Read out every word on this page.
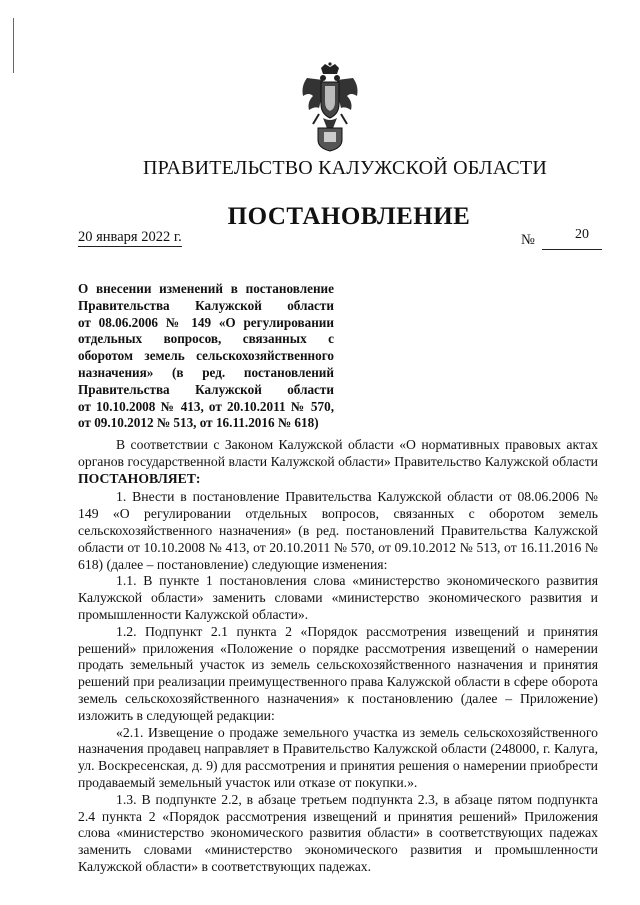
ПРАВИТЕЛЬСТВО КАЛУЖСКОЙ ОБЛАСТИ
ПОСТАНОВЛЕНИЕ
20 января 2022 г.	№	20
О внесении изменений в постановление
Правительства Калужской области
от 08.06.2006 № 149 «О регулировании
отдельных вопросов, связанных с
оборотом земель сельскохозяйственного
назначения» (в ред. постановлений
Правительства Калужской области
от 10.10.2008 № 413, от 20.10.2011 № 570,
от 09.10.2012 № 513, от 16.11.2016 № 618)

В соответствии с Законом Калужской области «О нормативных правовых актах органов государственной власти Калужской области» Правительство Калужской области ПОСТАНОВЛЯЕТ:

1. Внести в постановление Правительства Калужской области от 08.06.2006 № 149 «О регулировании отдельных вопросов, связанных с оборотом земель сельскохозяйственного назначения» (в ред. постановлений Правительства Калужской области от 10.10.2008 № 413, от 20.10.2011 № 570, от 09.10.2012 № 513, от 16.11.2016 № 618) (далее – постановление) следующие изменения:

1.1. В пункте 1 постановления слова «министерство экономического развития Калужской области» заменить словами «министерство экономического развития и промышленности Калужской области».

1.2. Подпункт 2.1 пункта 2 «Порядок рассмотрения извещений и принятия решений» приложения «Положение о порядке рассмотрения извещений о намерении продать земельный участок из земель сельскохозяйственного назначения и принятия решений при реализации преимущественного права Калужской области в сфере оборота земель сельскохозяйственного назначения» к постановлению (далее – Приложение) изложить в следующей редакции:

«2.1. Извещение о продаже земельного участка из земель сельскохозяйственного назначения продавец направляет в Правительство Калужской области (248000, г. Калуга, ул. Воскресенская, д. 9) для рассмотрения и принятия решения о намерении приобрести продаваемый земельный участок или отказе от покупки.».

1.3. В подпункте 2.2, в абзаце третьем подпункта 2.3, в абзаце пятом подпункта 2.4 пункта 2 «Порядок рассмотрения извещений и принятия решений» Приложения слова «министерство экономического развития области» в соответствующих падежах заменить словами «министерство экономического развития и промышленности Калужской области» в соответствующих падежах.
